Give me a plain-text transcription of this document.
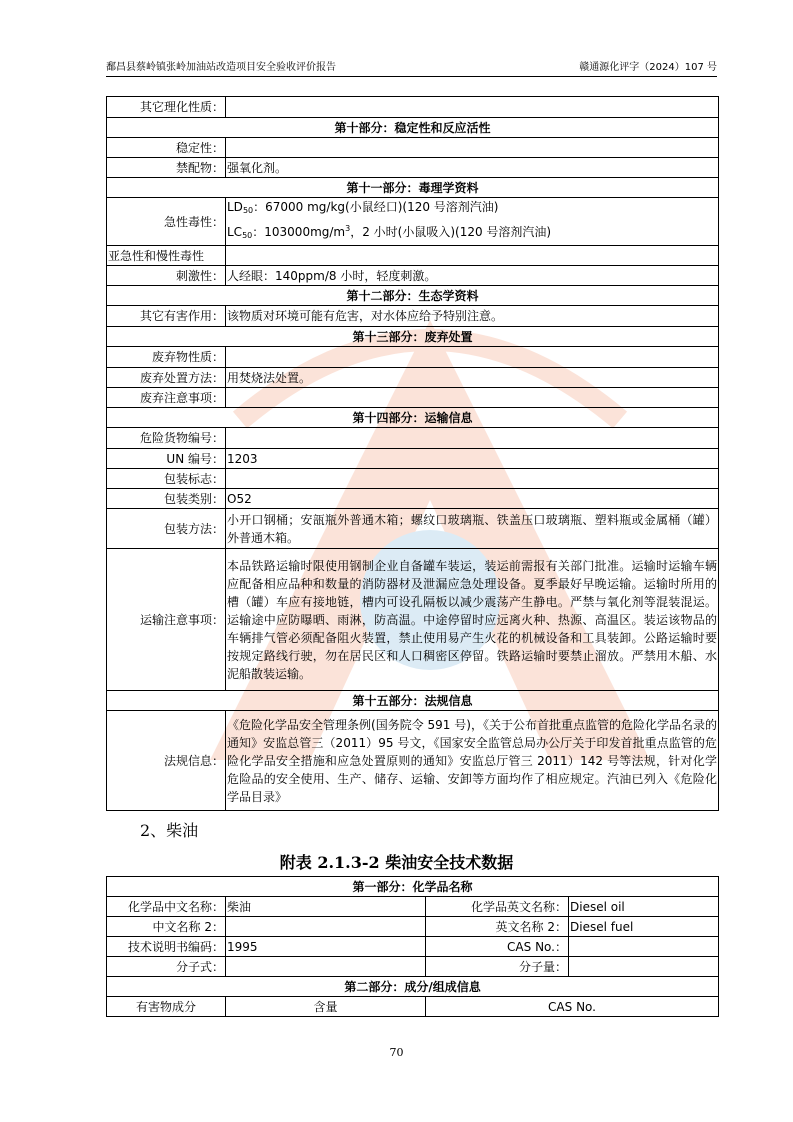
鄱昌县蔡岭镇张岭加油站改造项目安全验收评价报告	赣通源化评字（2024）107 号
其它理化性质：	
第十部分：稳定性和反应活性	
稳定性：	
禁配物：	强氧化剂。
第十一部分：毒理学资料	
急性毒性：	$LD_{50}$：67000 mg/kg(小鼠经口)(120 号溶剂汽油)
$LC_{50}$：$103000mg/m^3$，2 小时(小鼠吸入)(120 号溶剂汽油)

亚急性和慢性毒性	
刺激性：	人经眼：140ppm/8 小时，轻度刺激。
第十二部分：生态学资料	
其它有害作用：	该物质对环境可能有危害，对水体应给予特别注意。
第十三部分：废弃处置	
废弃物性质：	
废弃处置方法：	用焚烧法处置。
废弃注意事项：	
第十四部分：运输信息	
危险货物编号：	
UN 编号：	1203
包装标志：	
包装类别：	O52
包装方法：	小开口钢桶；安瓿瓶外普通木箱；螺纹口玻璃瓶、铁盖压口玻璃瓶、塑料瓶或金属桶（罐）外普通木箱。
运输注意事项：	本品铁路运输时限使用钢制企业自备罐车装运，装运前需报有关部门批准。运输时运输车辆应配备相应品种和数量的消防器材及泄漏应急处理设备。夏季最好早晚运输。运输时所用的槽（罐）车应有接地链，槽内可设孔隔板以减少震荡产生静电。严禁与氧化剂等混装混运。运输途中应防曝晒、雨淋，防高温。中途停留时应远离火种、热源、高温区。装运该物品的车辆排气管必须配备阻火装置，禁止使用易产生火花的机械设备和工具装卸。公路运输时要按规定路线行驶，勿在居民区和人口稠密区停留。铁路运输时要禁止溜放。严禁用木船、水泥船散装运输。
第十五部分：法规信息	
法规信息：	《危险化学品安全管理条例(国务院令 591 号)，《关于公布首批重点监管的危险化学品名录的通知》安监总管三（2011）95 号文，《国家安全监管总局办公厅关于印发首批重点监管的危险化学品安全措施和应急处置原则的通知》安监总厅管三 2011）142 号等法规，针对化学危险品的安全使用、生产、储存、运输、安卸等方面均作了相应规定。汽油已列入《危险化学品目录》
2、柴油
附表 2.1.3-2 柴油安全技术数据
第一部分：化学品名称			
化学品中文名称：	柴油	化学品英文名称：	Diesel oil
中文名称 2：		英文名称 2：	Diesel fuel
技术说明书编码：	1995	CAS No.：	
分子式：		分子量：	
第二部分：成分/组成信息			
有害物成分	含量	CAS No.	
70
